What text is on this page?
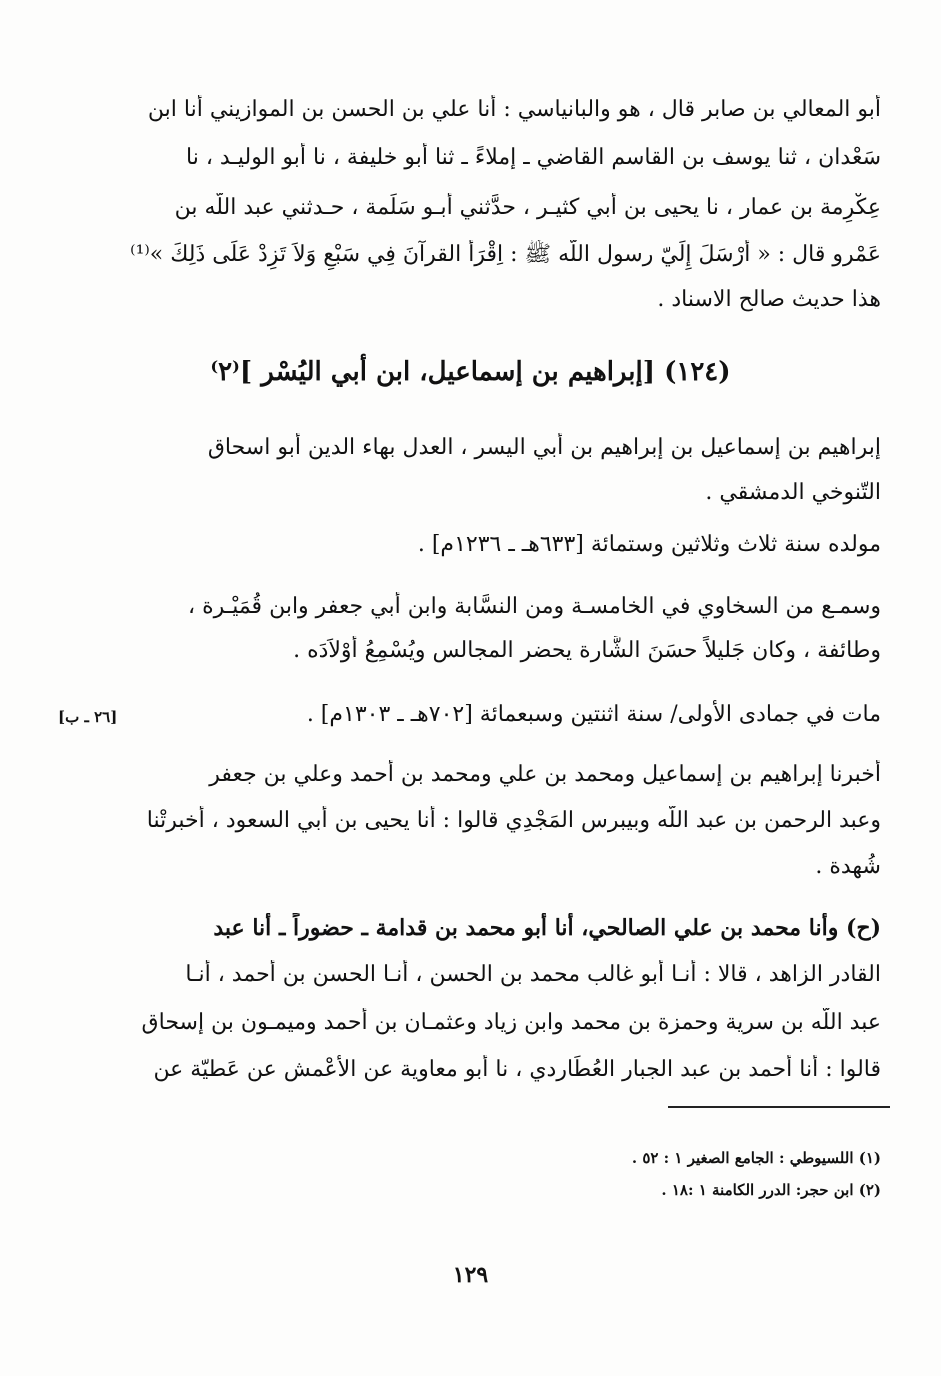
أبو المعالي بن صابر قال ، هو والبانياسي : أنا علي بن الحسن بن الموازيني أنا ابن
سَعْدان ، ثنا يوسف بن القاسم القاضي ـ إملاءً ـ ثنا أبو خليفة ، نا أبو الوليـد ، نا
عِكْرِمة بن عمار ، نا يحيى بن أبي كثيـر ، حدَّثني أبـو سَلَمة ، حـدثني عبد اللّه بن
عَمْرو قال : « أَرْسَلَ إِلَيّ رسول اللّه ﷺ : اِقْرَأْ القرآنَ فِي سَبْعٍ وَلاَ تَزِدْ عَلَى ذَلِكَ »⁽¹⁾
هذا حديث صالح الاسناد .
(١٢٤) [إبراهيم بن إسماعيل، ابن أبي اليُسْر ]⁽٢⁾
إبراهيم بن إسماعيل بن إبراهيم بن أبي اليسر ، العدل بهاء الدين أبو اسحاق
التّنوخي الدمشقي .
مولده سنة ثلاث وثلاثين وستمائة [٦٣٣هـ ـ ١٢٣٦م] .
وسمـع من السخاوي في الخامسـة ومن النسَّابة وابن أبي جعفر وابن قُمَيْـرة ،
وطائفة ، وكان جَليلاً حسَنَ الشَّارة يحضر المجالس ويُسْمِعُ أَوْلاَدَه .
مات في جمادى الأولى/ سنة اثنتين وسبعمائة [٧٠٢هـ ـ ١٣٠٣م] .
[٢٦ ـ ب]
أخبرنا إبراهيم بن إسماعيل ومحمد بن علي ومحمد بن أحمد وعلي بن جعفر
وعبد الرحمن بن عبد اللّه وبيبرس المَجْدِي قالوا : أنا يحيى بن أبي السعود ، أخبرتْنا
شُهدة .
(ح) وأنا محمد بن علي الصالحي، أنا أبو محمد بن قدامة ـ حضوراً ـ أنا عبد
القادر الزاهد ، قالا : أنـا أبو غالب محمد بن الحسن ، أنـا الحسن بن أحمد ، أنـا
عبد اللّه بن سرية وحمزة بن محمد وابن زياد وعثمـان بن أحمد وميمـون بن إسحاق
قالوا : أنا أحمد بن عبد الجبار العُطَاردي ، نا أبو معاوية عن الأعْمش عن عَطيّة عن
(١) اللسيوطي : الجامع الصغير ١ : ٥٢ .
(٢) ابن حجر: الدرر الكامنة ١ :١٨ .
١٢٩
